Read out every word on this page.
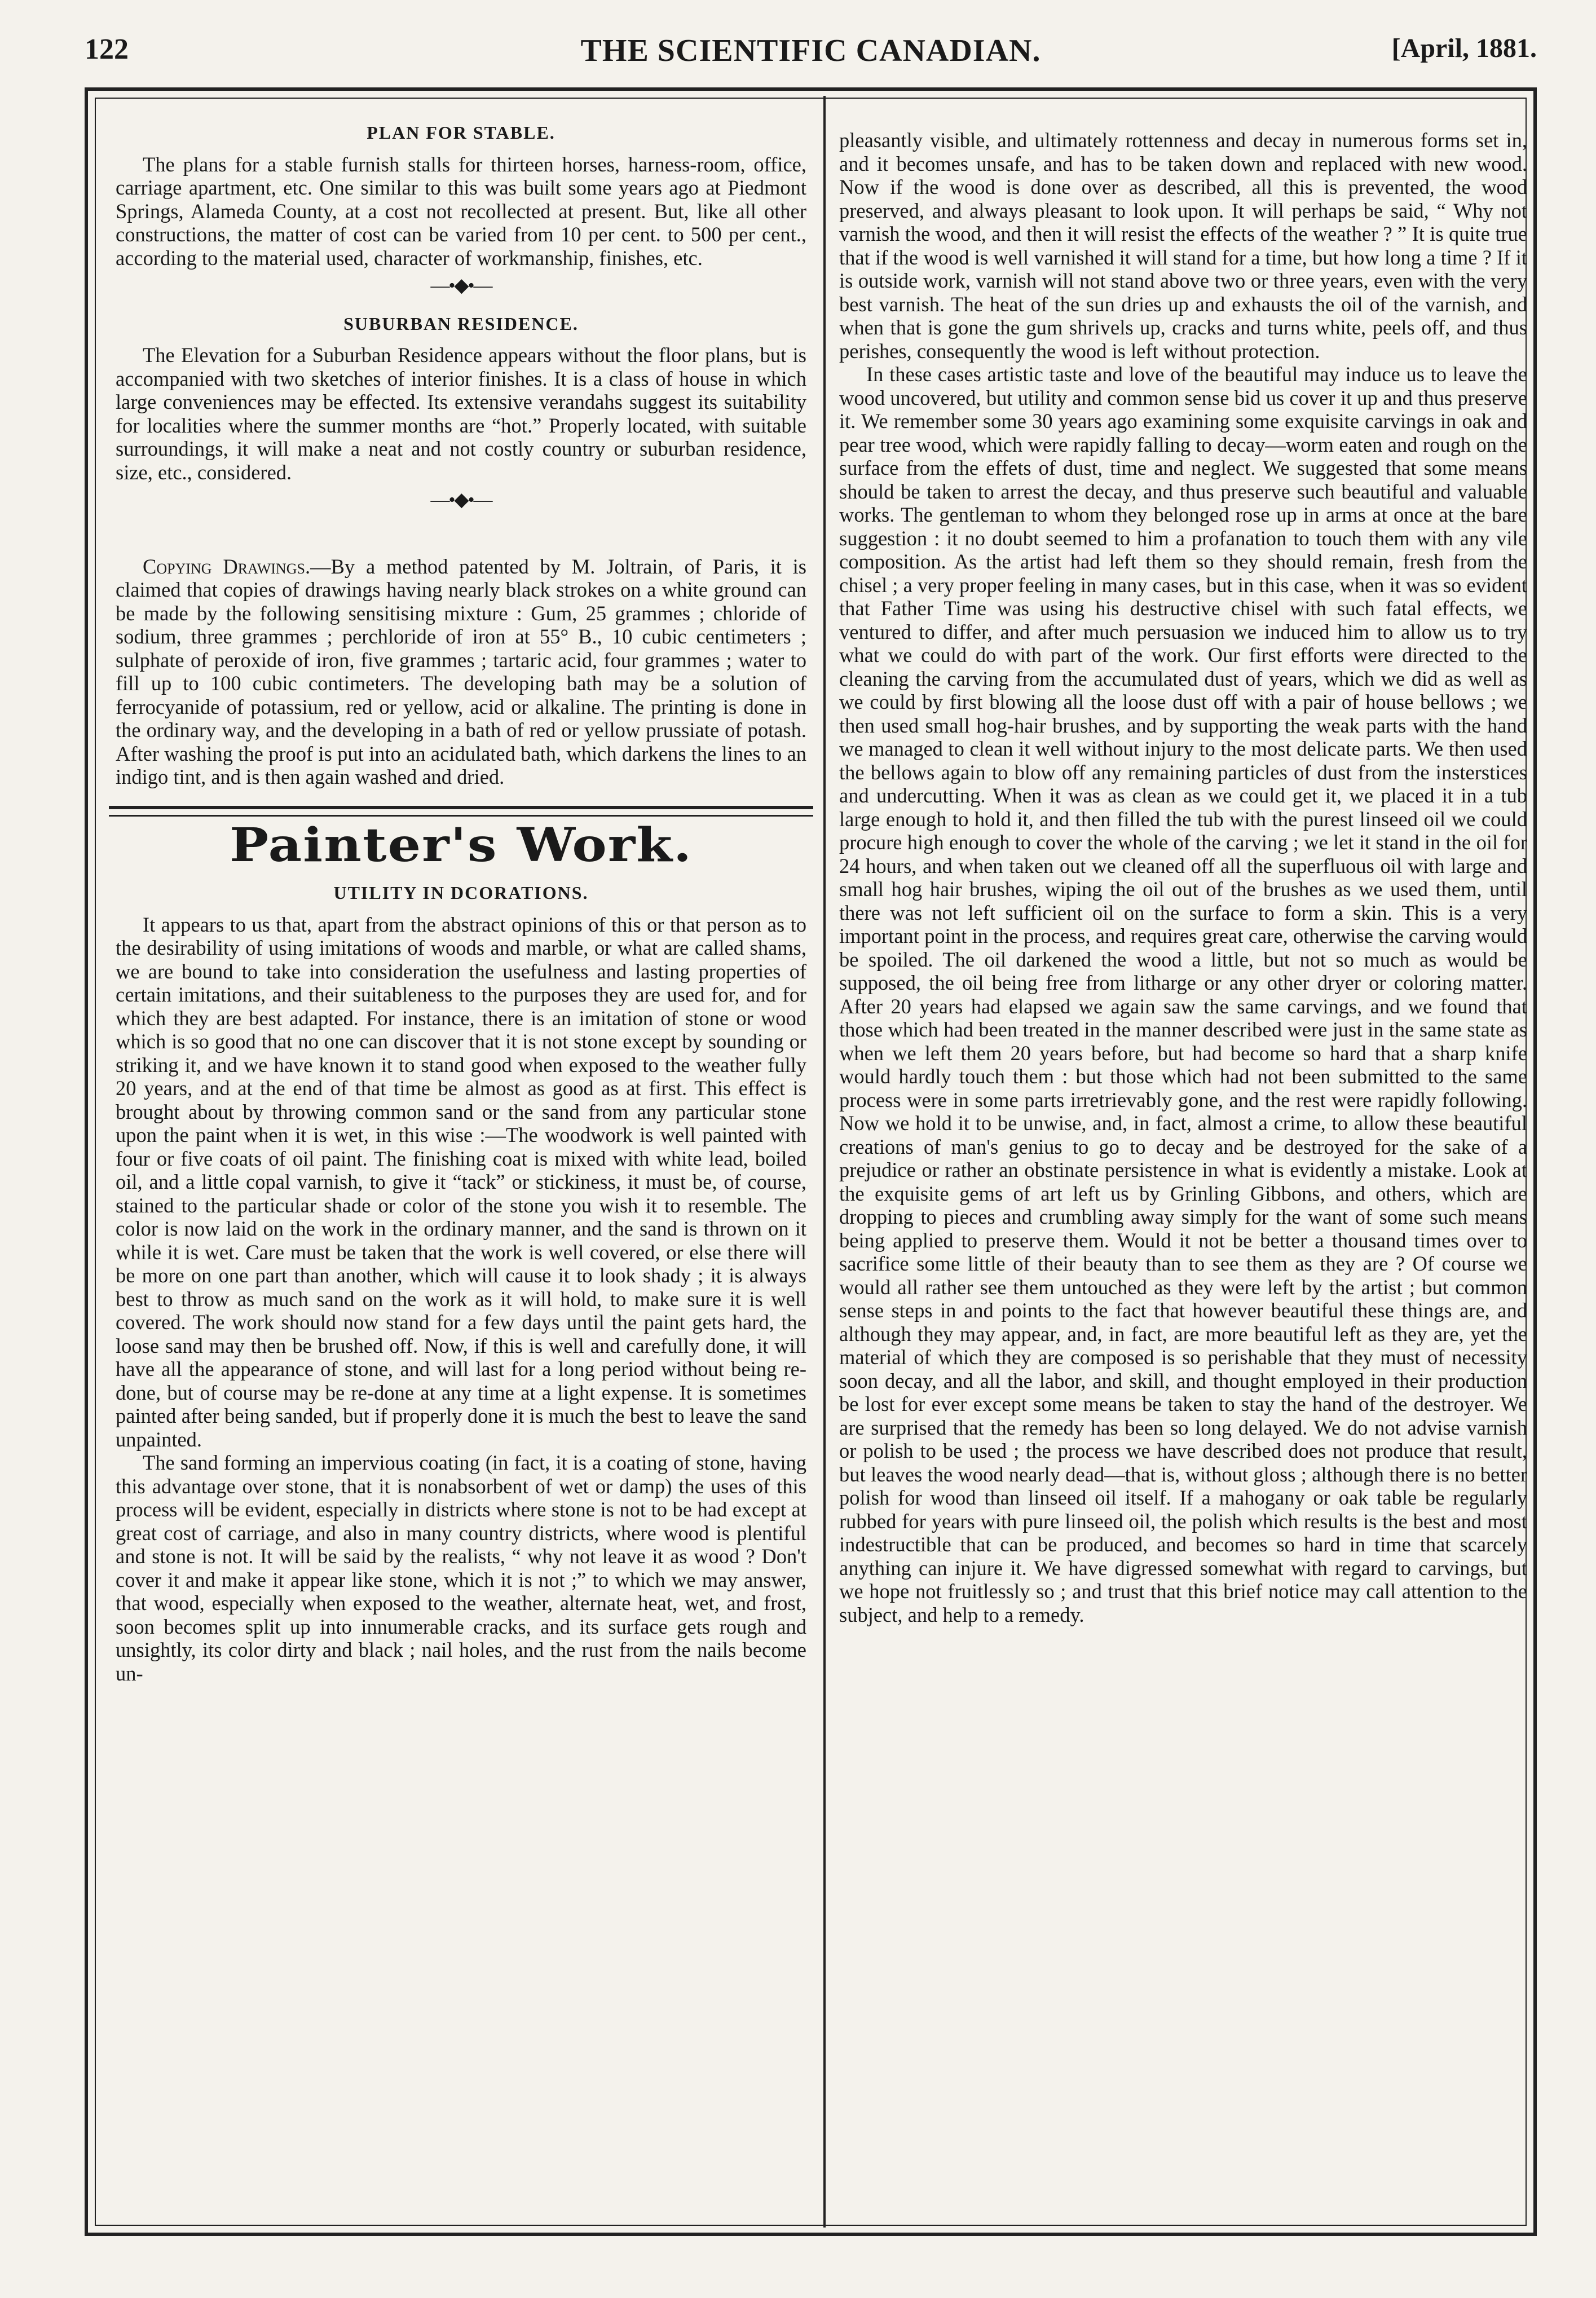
THE SCIENTIFIC CANADIAN.
122	[April, 1881.
PLAN FOR STABLE.

The plans for a stable furnish stalls for thirteen horses, harness-room, office, carriage apartment, etc. One similar to this was built some years ago at Piedmont Springs, Alameda County, at a cost not recollected at present. But, like all other constructions, the matter of cost can be varied from 10 per cent. to 500 per cent., according to the material used, character of workmanship, finishes, etc.

—•◆•—
SUBURBAN RESIDENCE.

The Elevation for a Suburban Residence appears without the floor plans, but is accompanied with two sketches of interior finishes. It is a class of house in which large conveniences may be effected. Its extensive verandahs suggest its suitability for localities where the summer months are “hot.” Properly located, with suitable surroundings, it will make a neat and not costly country or suburban residence, size, etc., considered.

—•◆•—

Copying Drawings.—By a method patented by M. Joltrain, of Paris, it is claimed that copies of drawings having nearly black strokes on a white ground can be made by the following sensitising mixture : Gum, 25 grammes ; chloride of sodium, three grammes ; perchloride of iron at 55° B., 10 cubic centimeters ; sulphate of peroxide of iron, five grammes ; tartaric acid, four grammes ; water to fill up to 100 cubic contimeters. The developing bath may be a solution of ferrocyanide of potassium, red or yellow, acid or alkaline. The printing is done in the ordinary way, and the developing in a bath of red or yellow prussiate of potash. After washing the proof is put into an acidulated bath, which darkens the lines to an indigo tint, and is then again washed and dried.

Painter's Work.
UTILITY IN DCORATIONS.

It appears to us that, apart from the abstract opinions of this or that person as to the desirability of using imitations of woods and marble, or what are called shams, we are bound to take into consideration the usefulness and lasting properties of certain imitations, and their suitableness to the purposes they are used for, and for which they are best adapted. For instance, there is an imitation of stone or wood which is so good that no one can discover that it is not stone except by sounding or striking it, and we have known it to stand good when exposed to the weather fully 20 years, and at the end of that time be almost as good as at first. This effect is brought about by throwing common sand or the sand from any particular stone upon the paint when it is wet, in this wise :—The woodwork is well painted with four or five coats of oil paint. The finishing coat is mixed with white lead, boiled oil, and a little copal varnish, to give it “tack” or stickiness, it must be, of course, stained to the particular shade or color of the stone you wish it to resemble. The color is now laid on the work in the ordinary manner, and the sand is thrown on it while it is wet. Care must be taken that the work is well covered, or else there will be more on one part than another, which will cause it to look shady ; it is always best to throw as much sand on the work as it will hold, to make sure it is well covered. The work should now stand for a few days until the paint gets hard, the loose sand may then be brushed off. Now, if this is well and carefully done, it will have all the appearance of stone, and will last for a long period without being re-done, but of course may be re-done at any time at a light expense. It is sometimes painted after being sanded, but if properly done it is much the best to leave the sand unpainted.

The sand forming an impervious coating (in fact, it is a coating of stone, having this advantage over stone, that it is nonabsorbent of wet or damp) the uses of this process will be evident, especially in districts where stone is not to be had except at great cost of carriage, and also in many country districts, where wood is plentiful and stone is not. It will be said by the realists, “ why not leave it as wood ? Don't cover it and make it appear like stone, which it is not ;” to which we may answer, that wood, especially when exposed to the weather, alternate heat, wet, and frost, soon becomes split up into innumerable cracks, and its surface gets rough and unsightly, its color dirty and black ; nail holes, and the rust from the nails become un-

pleasantly visible, and ultimately rottenness and decay in numerous forms set in, and it becomes unsafe, and has to be taken down and replaced with new wood. Now if the wood is done over as described, all this is prevented, the wood preserved, and always pleasant to look upon. It will perhaps be said, “ Why not varnish the wood, and then it will resist the effects of the weather ? ” It is quite true that if the wood is well varnished it will stand for a time, but how long a time ? If it is outside work, varnish will not stand above two or three years, even with the very best varnish. The heat of the sun dries up and exhausts the oil of the varnish, and when that is gone the gum shrivels up, cracks and turns white, peels off, and thus perishes, consequently the wood is left without protection.

In these cases artistic taste and love of the beautiful may induce us to leave the wood uncovered, but utility and common sense bid us cover it up and thus preserve it. We remember some 30 years ago examining some exquisite carvings in oak and pear tree wood, which were rapidly falling to decay—worm eaten and rough on the surface from the effets of dust, time and neglect. We suggested that some means should be taken to arrest the decay, and thus preserve such beautiful and valuable works. The gentleman to whom they belonged rose up in arms at once at the bare suggestion : it no doubt seemed to him a profanation to touch them with any vile composition. As the artist had left them so they should remain, fresh from the chisel ; a very proper feeling in many cases, but in this case, when it was so evident that Father Time was using his destructive chisel with such fatal effects, we ventured to differ, and after much persuasion we induced him to allow us to try what we could do with part of the work. Our first efforts were directed to the cleaning the carving from the accumulated dust of years, which we did as well as we could by first blowing all the loose dust off with a pair of house bellows ; we then used small hog-hair brushes, and by supporting the weak parts with the hand we managed to clean it well without injury to the most delicate parts. We then used the bellows again to blow off any remaining particles of dust from the insterstices and undercutting. When it was as clean as we could get it, we placed it in a tub large enough to hold it, and then filled the tub with the purest linseed oil we could procure high enough to cover the whole of the carving ; we let it stand in the oil for 24 hours, and when taken out we cleaned off all the superfluous oil with large and small hog hair brushes, wiping the oil out of the brushes as we used them, until there was not left sufficient oil on the surface to form a skin. This is a very important point in the process, and requires great care, otherwise the carving would be spoiled. The oil darkened the wood a little, but not so much as would be supposed, the oil being free from litharge or any other dryer or coloring matter. After 20 years had elapsed we again saw the same carvings, and we found that those which had been treated in the manner described were just in the same state as when we left them 20 years before, but had become so hard that a sharp knife would hardly touch them : but those which had not been submitted to the same process were in some parts irretrievably gone, and the rest were rapidly following. Now we hold it to be unwise, and, in fact, almost a crime, to allow these beautiful creations of man's genius to go to decay and be destroyed for the sake of a prejudice or rather an obstinate persistence in what is evidently a mistake. Look at the exquisite gems of art left us by Grinling Gibbons, and others, which are dropping to pieces and crumbling away simply for the want of some such means being applied to preserve them. Would it not be better a thousand times over to sacrifice some little of their beauty than to see them as they are ? Of course we would all rather see them untouched as they were left by the artist ; but common sense steps in and points to the fact that however beautiful these things are, and although they may appear, and, in fact, are more beautiful left as they are, yet the material of which they are composed is so perishable that they must of necessity soon decay, and all the labor, and skill, and thought employed in their production be lost for ever except some means be taken to stay the hand of the destroyer. We are surprised that the remedy has been so long delayed. We do not advise varnish or polish to be used ; the process we have described does not produce that result, but leaves the wood nearly dead—that is, without gloss ; although there is no better polish for wood than linseed oil itself. If a mahogany or oak table be regularly rubbed for years with pure linseed oil, the polish which results is the best and most indestructible that can be produced, and becomes so hard in time that scarcely anything can injure it. We have digressed somewhat with regard to carvings, but we hope not fruitlessly so ; and trust that this brief notice may call attention to the subject, and help to a remedy.
